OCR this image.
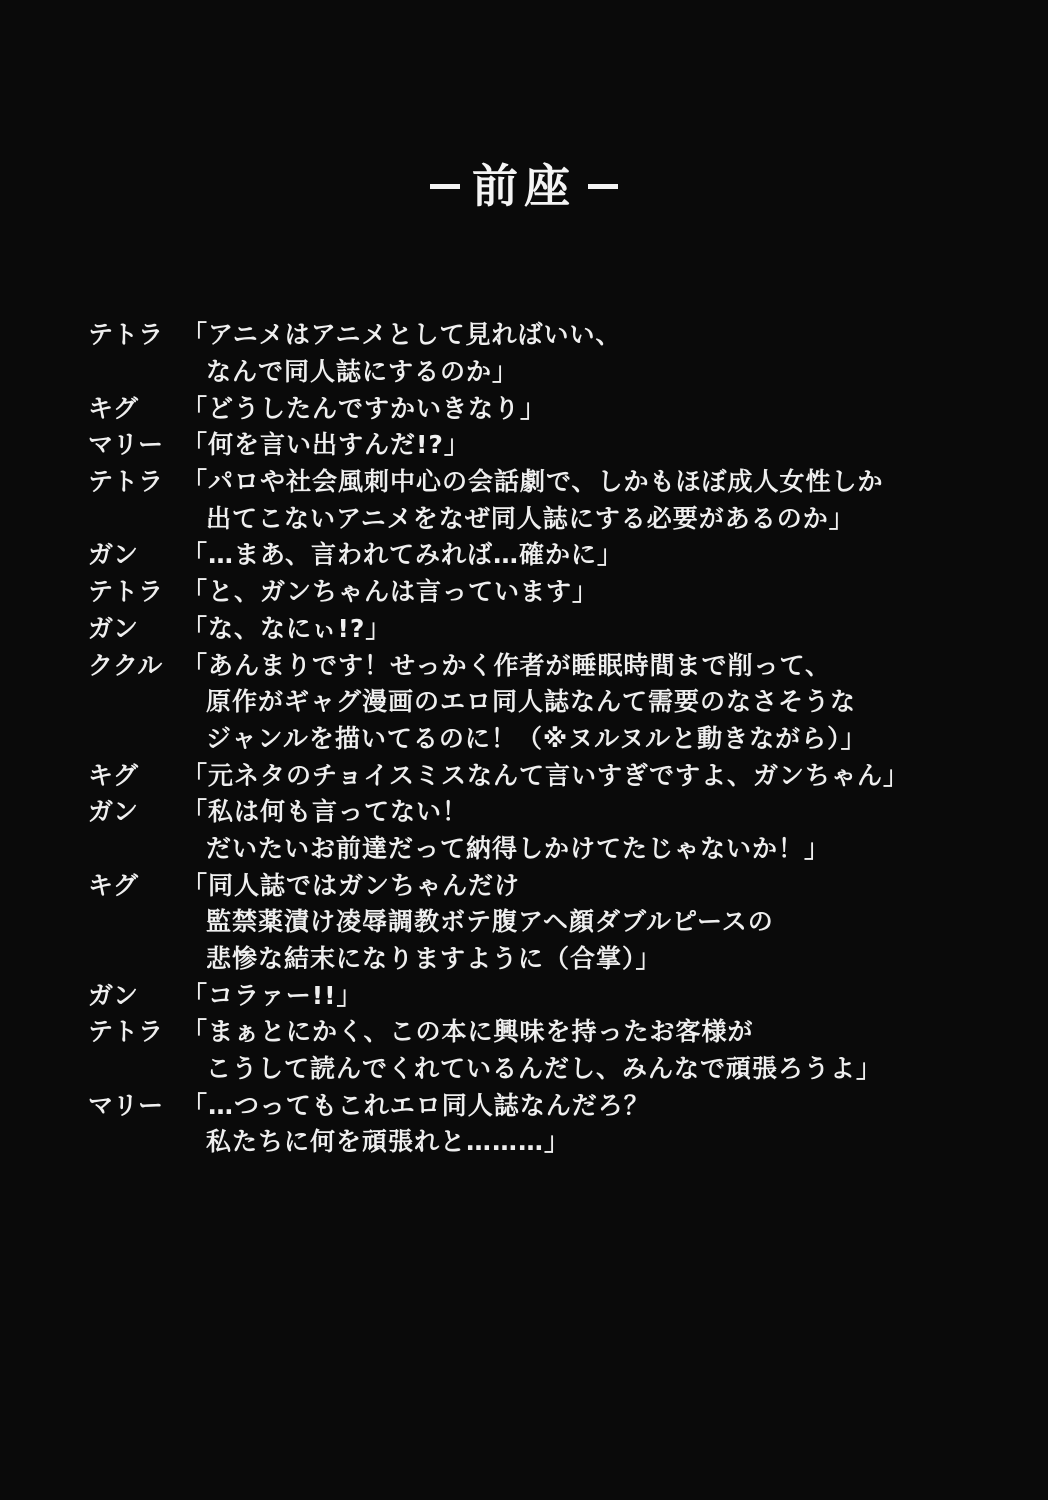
前座
テトラ 「アニメはアニメとして見ればいい、
なんで同人誌にするのか」
キグ	「どうしたんですかいきなり」
マリー 「何を言い出すんだ!?」
テトラ 「パロや社会風刺中心の会話劇で、しかもほぼ成人女性しか
出てこないアニメをなぜ同人誌にする必要があるのか」
ガン	「…まあ、言われてみれば…確かに」
テトラ 「と、ガンちゃんは言っています」
ガン	「な、なにぃ!?」
ククル 「あんまりです！せっかく作者が睡眠時間まで削って、
原作がギャグ漫画のエロ同人誌なんて需要のなさそうな
ジャンルを描いてるのに！（※ヌルヌルと動きながら）」
キグ	「元ネタのチョイスミスなんて言いすぎですよ、ガンちゃん」
ガン	「私は何も言ってない！
だいたいお前達だって納得しかけてたじゃないか！」
キグ	「同人誌ではガンちゃんだけ
監禁薬漬け凌辱調教ボテ腹アヘ顔ダブルピースの
悲惨な結末になりますように（合掌）」
ガン	「コラァー!!」
テトラ 「まぁとにかく、この本に興味を持ったお客様が
こうして読んでくれているんだし、みんなで頑張ろうよ」
マリー 「…つってもこれエロ同人誌なんだろ？
私たちに何を頑張れと………」
